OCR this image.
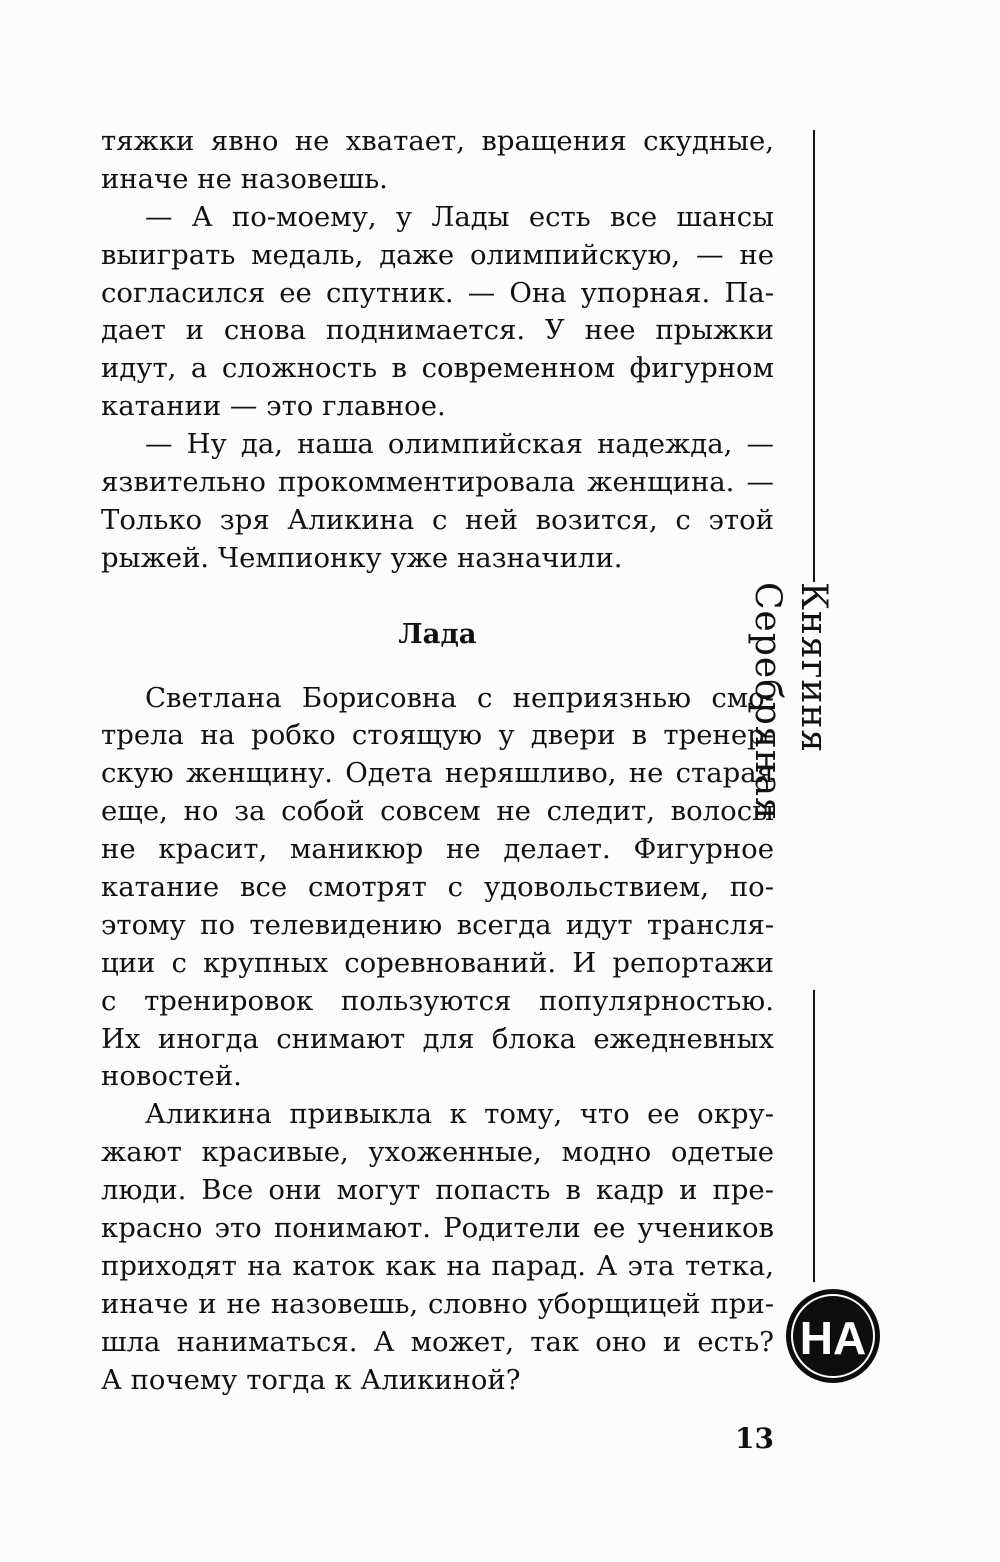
тяжки явно не хватает, вращения скудные,
иначе не назовешь.
— А по-моему, у Лады есть все шансы
выиграть медаль, даже олимпийскую, — не
согласился ее спутник. — Она упорная. Па-
дает и снова поднимается. У нее прыжки
идут, а сложность в современном фигурном
катании — это главное.
— Ну да, наша олимпийская надежда, —
язвительно прокомментировала женщина. —
Только зря Аликина с ней возится, с этой
рыжей. Чемпионку уже назначили.
Лада
Светлана Борисовна с неприязнью смо-
трела на робко стоящую у двери в тренер-
скую женщину. Одета неряшливо, не старая
еще, но за собой совсем не следит, волосы
не красит, маникюр не делает. Фигурное
катание все смотрят с удовольствием, по-
этому по телевидению всегда идут трансля-
ции с крупных соревнований. И репортажи
с тренировок пользуются популярностью.
Их иногда снимают для блока ежедневных
новостей.
Аликина привыкла к тому, что ее окру-
жают красивые, ухоженные, модно одетые
люди. Все они могут попасть в кадр и пре-
красно это понимают. Родители ее учеников
приходят на каток как на парад. А эта тетка,
иначе и не назовешь, словно уборщицей при-
шла наниматься. А может, так оно и есть?
А почему тогда к Аликиной?
Княгиня Серебряная
НА
13
